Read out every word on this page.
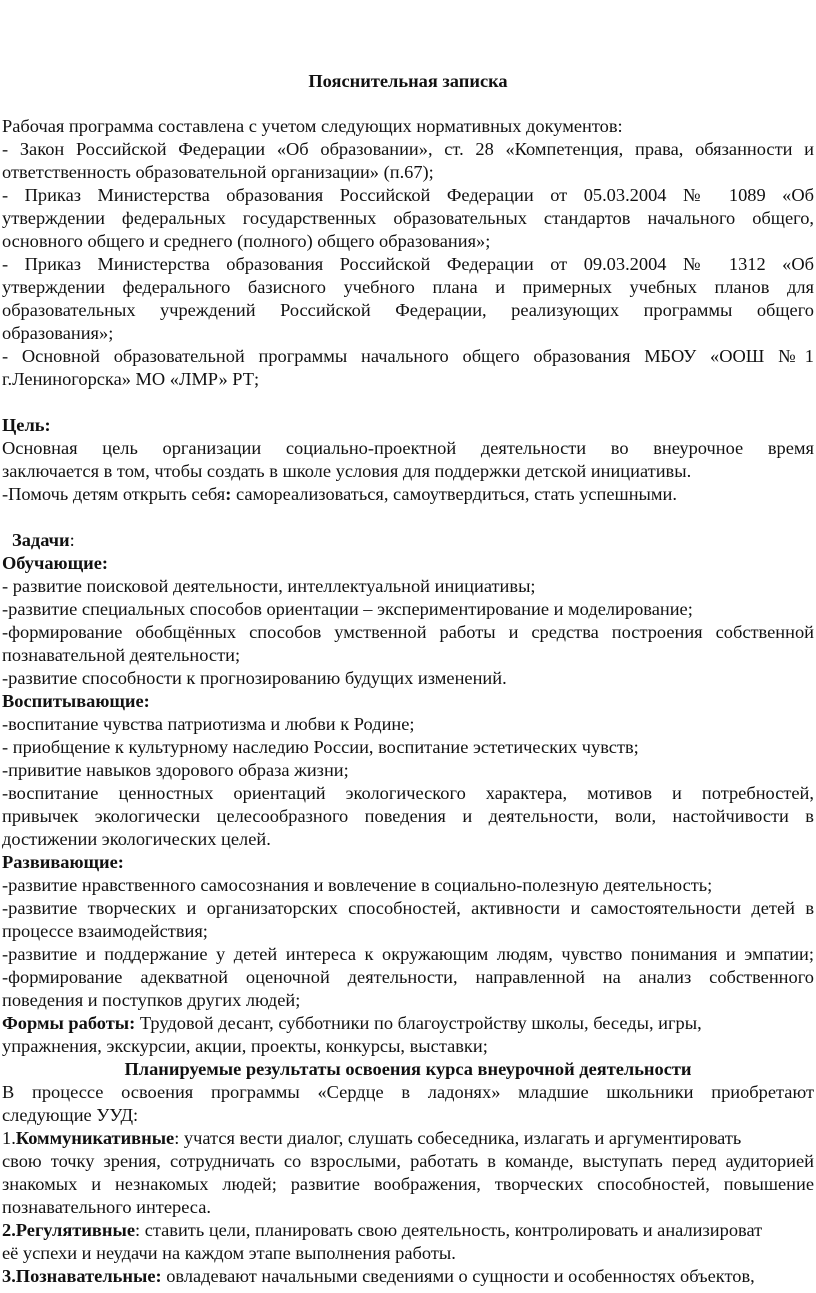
Пояснительная записка
Рабочая программа составлена с учетом следующих нормативных документов:
- Закон Российской Федерации «Об образовании», ст. 28 «Компетенция, права, обязанности и
ответственность образовательной организации» (п.67);
- Приказ Министерства образования Российской Федерации от 05.03.2004 № 1089 «Об
утверждении федеральных государственных образовательных стандартов начального общего,
основного общего и среднего (полного) общего образования»;
- Приказ Министерства образования Российской Федерации от 09.03.2004 № 1312 «Об
утверждении федерального базисного учебного плана и примерных учебных планов для
образовательных учреждений Российской Федерации, реализующих программы общего
образования»;
- Основной образовательной программы начального общего образования МБОУ «ООШ №1
г.Лениногорска» МО «ЛМР» РТ;
Цель:
Основная цель организации социально-проектной деятельности во внеурочное время
заключается в том, чтобы создать в школе условия для поддержки детской инициативы.
-Помочь детям открыть себя: самореализоваться, самоутвердиться, стать успешными.
Задачи:
Обучающие:
- развитие поисковой деятельности, интеллектуальной инициативы;
-развитие специальных способов ориентации – экспериментирование и моделирование;
-формирование обобщённых способов умственной работы и средства построения собственной
познавательной деятельности;
-развитие способности к прогнозированию будущих изменений.
Воспитывающие:
-воспитание чувства патриотизма и любви к Родине;
- приобщение к культурному наследию России, воспитание эстетических чувств;
-привитие навыков здорового образа жизни;
-воспитание ценностных ориентаций экологического характера, мотивов и потребностей,
привычек экологически целесообразного поведения и деятельности, воли, настойчивости в
достижении экологических целей.
Развивающие:
-развитие нравственного самосознания и вовлечение в социально-полезную деятельность;
-развитие творческих и организаторских способностей, активности и самостоятельности детей в
процессе взаимодействия;
-развитие и поддержание у детей интереса к окружающим людям, чувство понимания и эмпатии;
-формирование адекватной оценочной деятельности, направленной на анализ собственного
поведения и поступков других людей;
Формы работы: Трудовой десант, субботники по благоустройству школы, беседы, игры,
упражнения, экскурсии, акции, проекты, конкурсы, выставки;
Планируемые результаты освоения курса внеурочной деятельности
В процессе освоения программы «Сердце в ладонях» младшие школьники приобретают
следующие УУД:
1.Коммуникативные: учатся вести диалог, слушать собеседника, излагать и аргументировать
свою точку зрения, сотрудничать со взрослыми, работать в команде, выступать перед аудиторией
знакомых и незнакомых людей; развитие воображения, творческих способностей, повышение
познавательного интереса.
2.Регулятивные: ставить цели, планировать свою деятельность, контролировать и анализироват
её успехи и неудачи на каждом этапе выполнения работы.
3.Познавательные: овладевают начальными сведениями о сущности и особенностях объектов,
